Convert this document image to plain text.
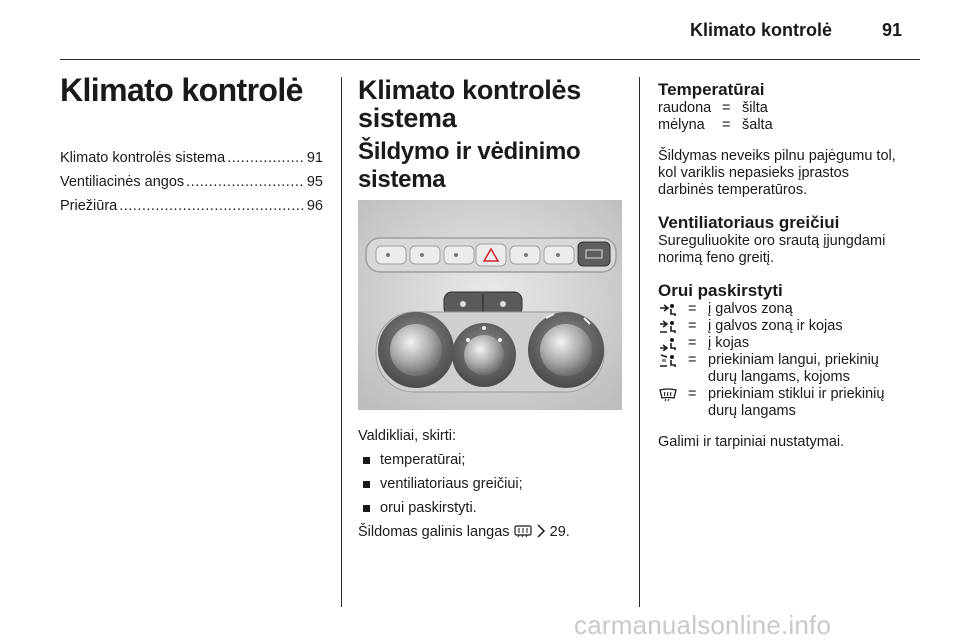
Klimato kontrolė	91
Klimato kontrolė
Klimato kontrolės sistema .....	91
Ventiliacinės angos .....	95
Priežiūra .....	96
Klimato kontrolės
sistema
Šildymo ir vėdinimo
sistema
Valdikliai, skirti:
temperatūrai;
ventiliatoriaus greičiui;
orui paskirstyti.
Šildomas galinis langas	29.
Temperatūrai
raudona = šilta
mėlyna	= šalta
Šildymas neveiks pilnu pajėgumu tol,
kol variklis nepasieks įprastos
darbinės temperatūros.
Ventiliatoriaus greičiui
Sureguliuokite oro srautą įjungdami
norimą feno greitį.
Orui paskirstyti
= į galvos zoną
= į galvos zoną ir kojas
= į kojas
= priekiniam langui, priekinių
durų langams, kojoms
= priekiniam stiklui ir priekinių
durų langams
Galimi ir tarpiniai nustatymai.
carmanualsonline.info
